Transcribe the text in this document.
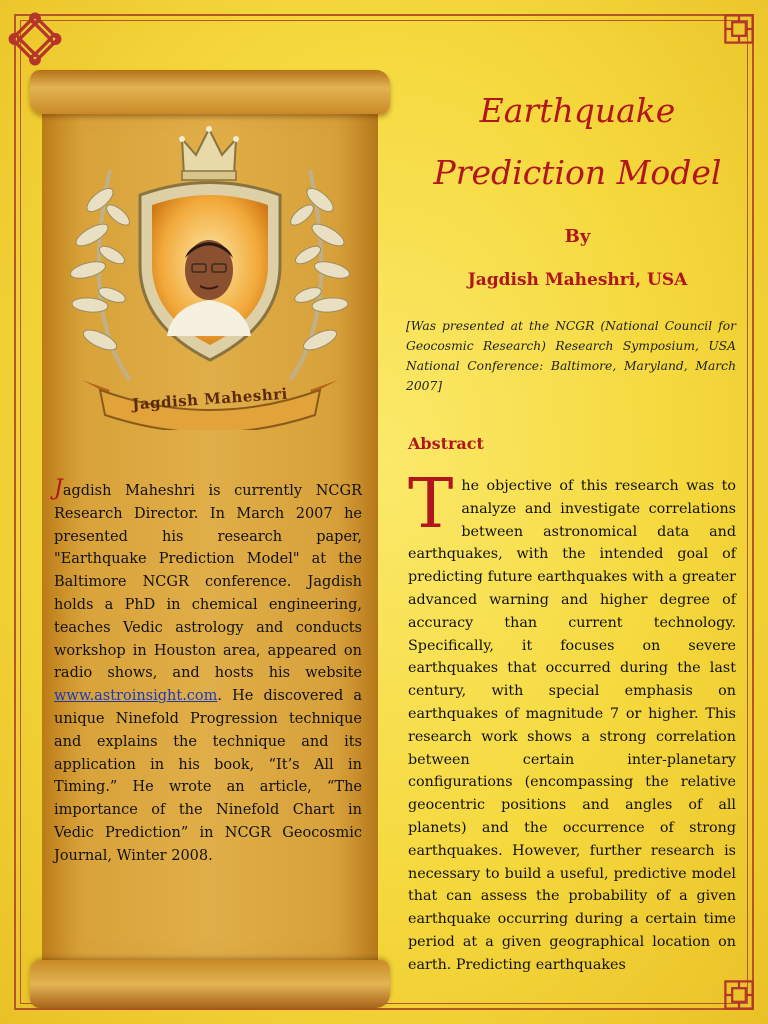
Jagdish Maheshri
Jagdish Maheshri is currently NCGR Research Director. In March 2007 he presented his research paper, "Earthquake Prediction Model" at the Baltimore NCGR conference. Jagdish holds a PhD in chemical engineering, teaches Vedic astrology and conducts workshop in Houston area, appeared on radio shows, and hosts his website www.astroinsight.com. He discovered a unique Ninefold Progression technique and explains the technique and its application in his book, “It’s All in Timing.” He wrote an article, “The importance of the Ninefold Chart in Vedic Prediction” in NCGR Geocosmic Journal, Winter 2008.
Earthquake
Prediction Model
By
Jagdish Maheshri, USA
[Was presented at the NCGR (National Council for Geocosmic Research) Research Symposium, USA National Conference: Baltimore, Maryland, March 2007]
Abstract
The objective of this research was to analyze and investigate correlations between astronomical data and earthquakes, with the intended goal of predicting future earthquakes with a greater advanced warning and higher degree of accuracy than current technology. Specifically, it focuses on severe earthquakes that occurred during the last century, with special emphasis on earthquakes of magnitude 7 or higher. This research work shows a strong correlation between certain inter-planetary configurations (encompassing the relative geocentric positions and angles of all planets) and the occurrence of strong earthquakes. However, further research is necessary to build a useful, predictive model that can assess the probability of a given earthquake occurring during a certain time period at a given geographical location on earth. Predicting earthquakes
